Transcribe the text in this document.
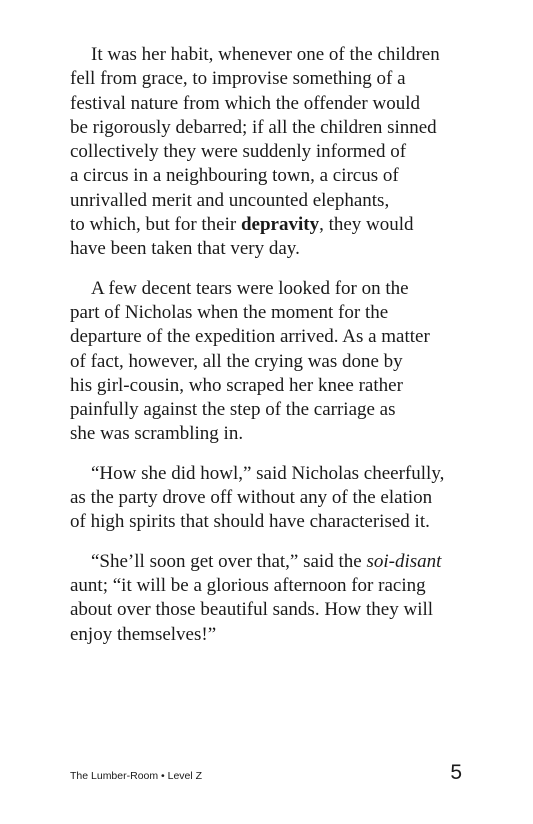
It was her habit, whenever one of the children
fell from grace, to improvise something of a
festival nature from which the offender would
be rigorously debarred; if all the children sinned
collectively they were suddenly informed of
a circus in a neighbouring town, a circus of
unrivalled merit and uncounted elephants,
to which, but for their depravity, they would
have been taken that very day.
A few decent tears were looked for on the
part of Nicholas when the moment for the
departure of the expedition arrived. As a matter
of fact, however, all the crying was done by
his girl-cousin, who scraped her knee rather
painfully against the step of the carriage as
she was scrambling in.
“How she did howl,” said Nicholas cheerfully,
as the party drove off without any of the elation
of high spirits that should have characterised it.
“She’ll soon get over that,” said the soi-disant
aunt; “it will be a glorious afternoon for racing
about over those beautiful sands. How they will
enjoy themselves!”
The Lumber-Room • Level Z	5
